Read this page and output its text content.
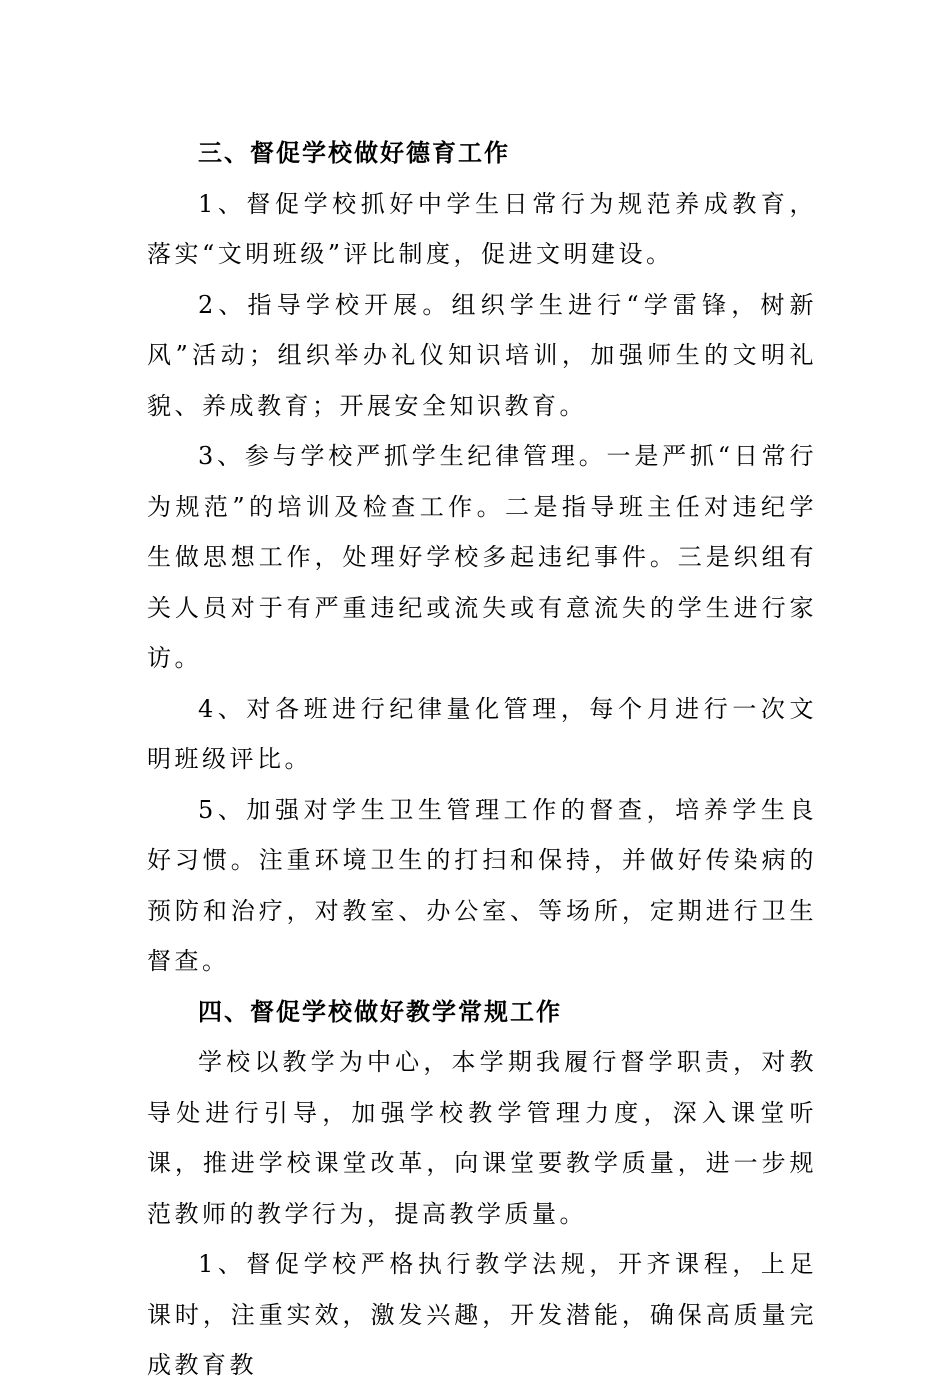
三、督促学校做好德育工作

1、督促学校抓好中学生日常行为规范养成教育，落实“文明班级”评比制度，促进文明建设。

2、指导学校开展。组织学生进行“学雷锋，树新风”活动；组织举办礼仪知识培训，加强师生的文明礼貌、养成教育；开展安全知识教育。

3、参与学校严抓学生纪律管理。一是严抓“日常行为规范”的培训及检查工作。二是指导班主任对违纪学生做思想工作，处理好学校多起违纪事件。三是织组有关人员对于有严重违纪或流失或有意流失的学生进行家访。

4、对各班进行纪律量化管理，每个月进行一次文明班级评比。

5、加强对学生卫生管理工作的督查，培养学生良好习惯。注重环境卫生的打扫和保持，并做好传染病的预防和治疗，对教室、办公室、等场所，定期进行卫生督查。

四、督促学校做好教学常规工作

学校以教学为中心，本学期我履行督学职责，对教导处进行引导，加强学校教学管理力度，深入课堂听课，推进学校课堂改革，向课堂要教学质量，进一步规范教师的教学行为，提高教学质量。

1、督促学校严格执行教学法规，开齐课程，上足课时，注重实效，激发兴趣，开发潜能，确保高质量完成教育教
